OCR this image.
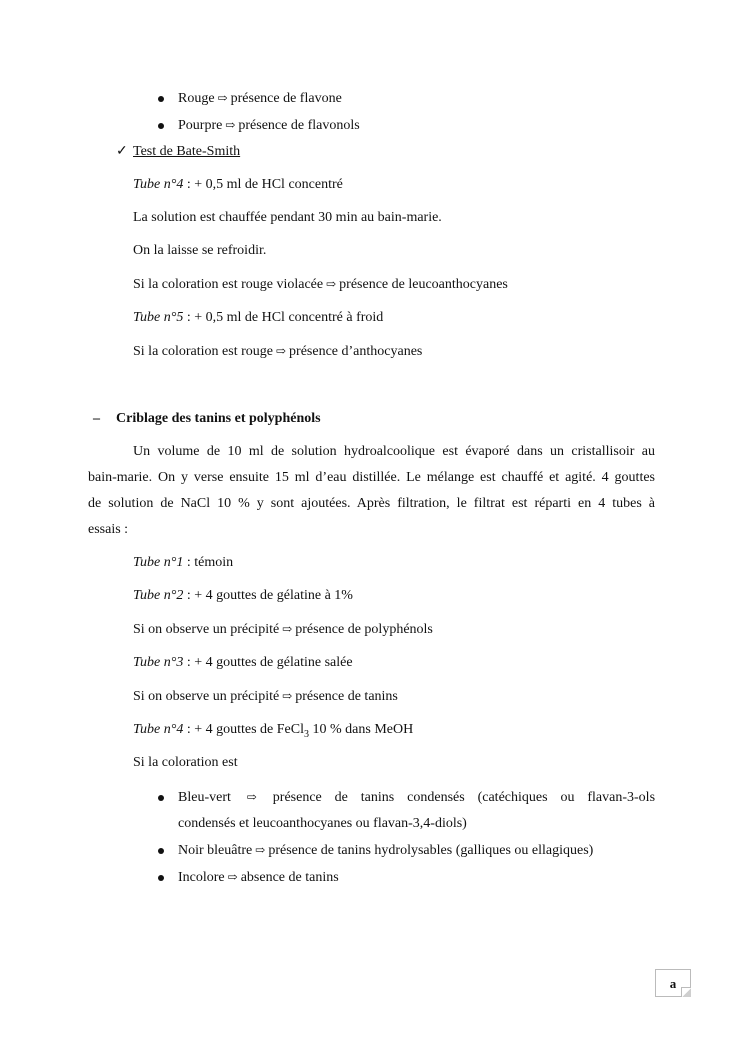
Rouge ⇨ présence de flavone
Pourpre ⇨ présence de flavonols
✓ Test de Bate-Smith
Tube n°4 : + 0,5 ml de HCl concentré
La solution est chauffée pendant 30 min au bain-marie.
On la laisse se refroidir.
Si la coloration est rouge violacée ⇨ présence de leucoanthocyanes
Tube n°5 : + 0,5 ml de HCl concentré à froid
Si la coloration est rouge ⇨ présence d’anthocyanes
– Criblage des tanins et polyphénols
Un volume de 10 ml de solution hydroalcoolique est évaporé dans un cristallisoir au
bain-marie. On y verse ensuite 15 ml d’eau distillée. Le mélange est chauffé et agité. 4 gouttes
de solution de NaCl 10 % y sont ajoutées. Après filtration, le filtrat est réparti en 4 tubes à
essais :
Tube n°1 : témoin
Tube n°2 : + 4 gouttes de gélatine à 1%
Si on observe un précipité ⇨ présence de polyphénols
Tube n°3 : + 4 gouttes de gélatine salée
Si on observe un précipité ⇨ présence de tanins
Tube n°4 : + 4 gouttes de FeCl$_3$ 10 % dans MeOH
Si la coloration est
Bleu-vert ⇨ présence de tanins condensés (catéchiques ou flavan-3-ols
condensés et leucoanthocyanes ou flavan-3,4-diols)
Noir bleuâtre ⇨ présence de tanins hydrolysables (galliques ou ellagiques)
Incolore ⇨ absence de tanins
a
